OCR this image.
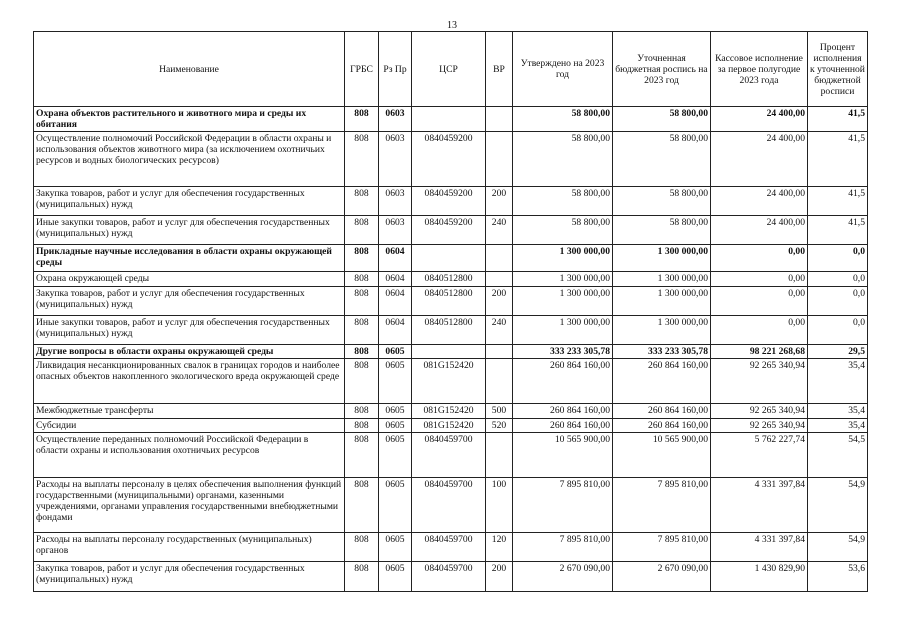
13
Наименование	ГРБС	Рз Пр	ЦСР	ВР	Утверждено на 2023 год	Уточненная бюджетная роспись на 2023 год	Кассовое исполнение за первое полугодие 2023 года	Процент исполнения к уточненной бюджетной росписи
Охрана объектов растительного и животного мира и среды их обитания	808	0603			58 800,00	58 800,00	24 400,00	41,5
Осуществление полномочий Российской Федерации в области охраны и использования объектов животного мира (за исключением охотничьих ресурсов и водных биологических ресурсов)	808	0603	0840459200		58 800,00	58 800,00	24 400,00	41,5
Закупка товаров, работ и услуг для обеспечения государственных (муниципальных) нужд	808	0603	0840459200	200	58 800,00	58 800,00	24 400,00	41,5
Иные закупки товаров, работ и услуг для обеспечения государственных (муниципальных) нужд	808	0603	0840459200	240	58 800,00	58 800,00	24 400,00	41,5
Прикладные научные исследования в области охраны окружающей среды	808	0604			1 300 000,00	1 300 000,00	0,00	0,0
Охрана окружающей среды	808	0604	0840512800		1 300 000,00	1 300 000,00	0,00	0,0
Закупка товаров, работ и услуг для обеспечения государственных (муниципальных) нужд	808	0604	0840512800	200	1 300 000,00	1 300 000,00	0,00	0,0
Иные закупки товаров, работ и услуг для обеспечения государственных (муниципальных) нужд	808	0604	0840512800	240	1 300 000,00	1 300 000,00	0,00	0,0
Другие вопросы в области охраны окружающей среды	808	0605			333 233 305,78	333 233 305,78	98 221 268,68	29,5
Ликвидация несанкционированных свалок в границах городов и наиболее опасных объектов накопленного экологического вреда окружающей среде	808	0605	081G152420		260 864 160,00	260 864 160,00	92 265 340,94	35,4
Межбюджетные трансферты	808	0605	081G152420	500	260 864 160,00	260 864 160,00	92 265 340,94	35,4
Субсидии	808	0605	081G152420	520	260 864 160,00	260 864 160,00	92 265 340,94	35,4
Осуществление переданных полномочий Российской Федерации в области охраны и использования охотничьих ресурсов	808	0605	0840459700		10 565 900,00	10 565 900,00	5 762 227,74	54,5
Расходы на выплаты персоналу в целях обеспечения выполнения функций государственными (муниципальными) органами, казенными учреждениями, органами управления государственными внебюджетными фондами	808	0605	0840459700	100	7 895 810,00	7 895 810,00	4 331 397,84	54,9
Расходы на выплаты персоналу государственных (муниципальных) органов	808	0605	0840459700	120	7 895 810,00	7 895 810,00	4 331 397,84	54,9
Закупка товаров, работ и услуг для обеспечения государственных (муниципальных) нужд	808	0605	0840459700	200	2 670 090,00	2 670 090,00	1 430 829,90	53,6
